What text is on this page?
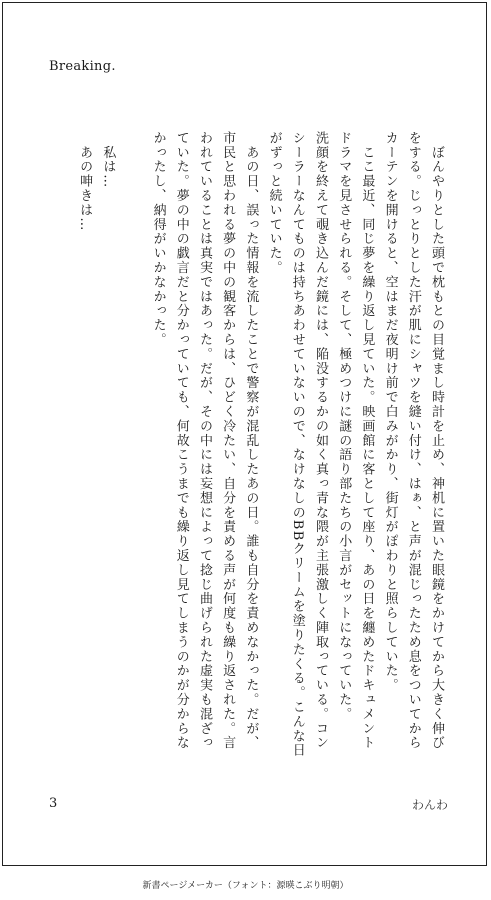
Breaking.

　ぼんやりとした頭で枕もとの目覚まし時計を止め、神机に置いた眼鏡をかけてから大きく伸びをする。じっとりとした汗が肌にシャツを縫い付け、はぁ、と声が混じったため息をついてからカーテンを開けると、空はまだ夜明け前で白みがかり、街灯がぽわりと照らしていた。

　ここ最近、同じ夢を繰り返し見ていた。映画館に客として座り、あの日を纏めたドキュメントドラマを見させられる。そして、極めつけに謎の語り部たちの小言がセットになっていた。

洗顔を終えて覗き込んだ鏡には、陥没するかの如く真っ青な隈が主張激しく陣取っている。コンシーラーなんてものは持ちあわせていないので、なけなしのBBクリームを塗りたくる。こんな日がずっと続いていた。

　あの日、誤った情報を流したことで警察が混乱したあの日。誰も自分を責めなかった。だが、市民と思われる夢の中の観客からは、ひどく冷たい、自分を責める声が何度も繰り返された。言われていることは真実ではあった。だが、その中には妄想によって捻じ曲げられた虚実も混ざっていた。夢の中の戯言だと分かっていても、何故こうまでも繰り返し見てしまうのかが分からなかったし、納得がいかなかった。

　私は…

　あの呻きは…

3	わんわ
新書ページメーカー（フォント：源暎こぶり明朝）
